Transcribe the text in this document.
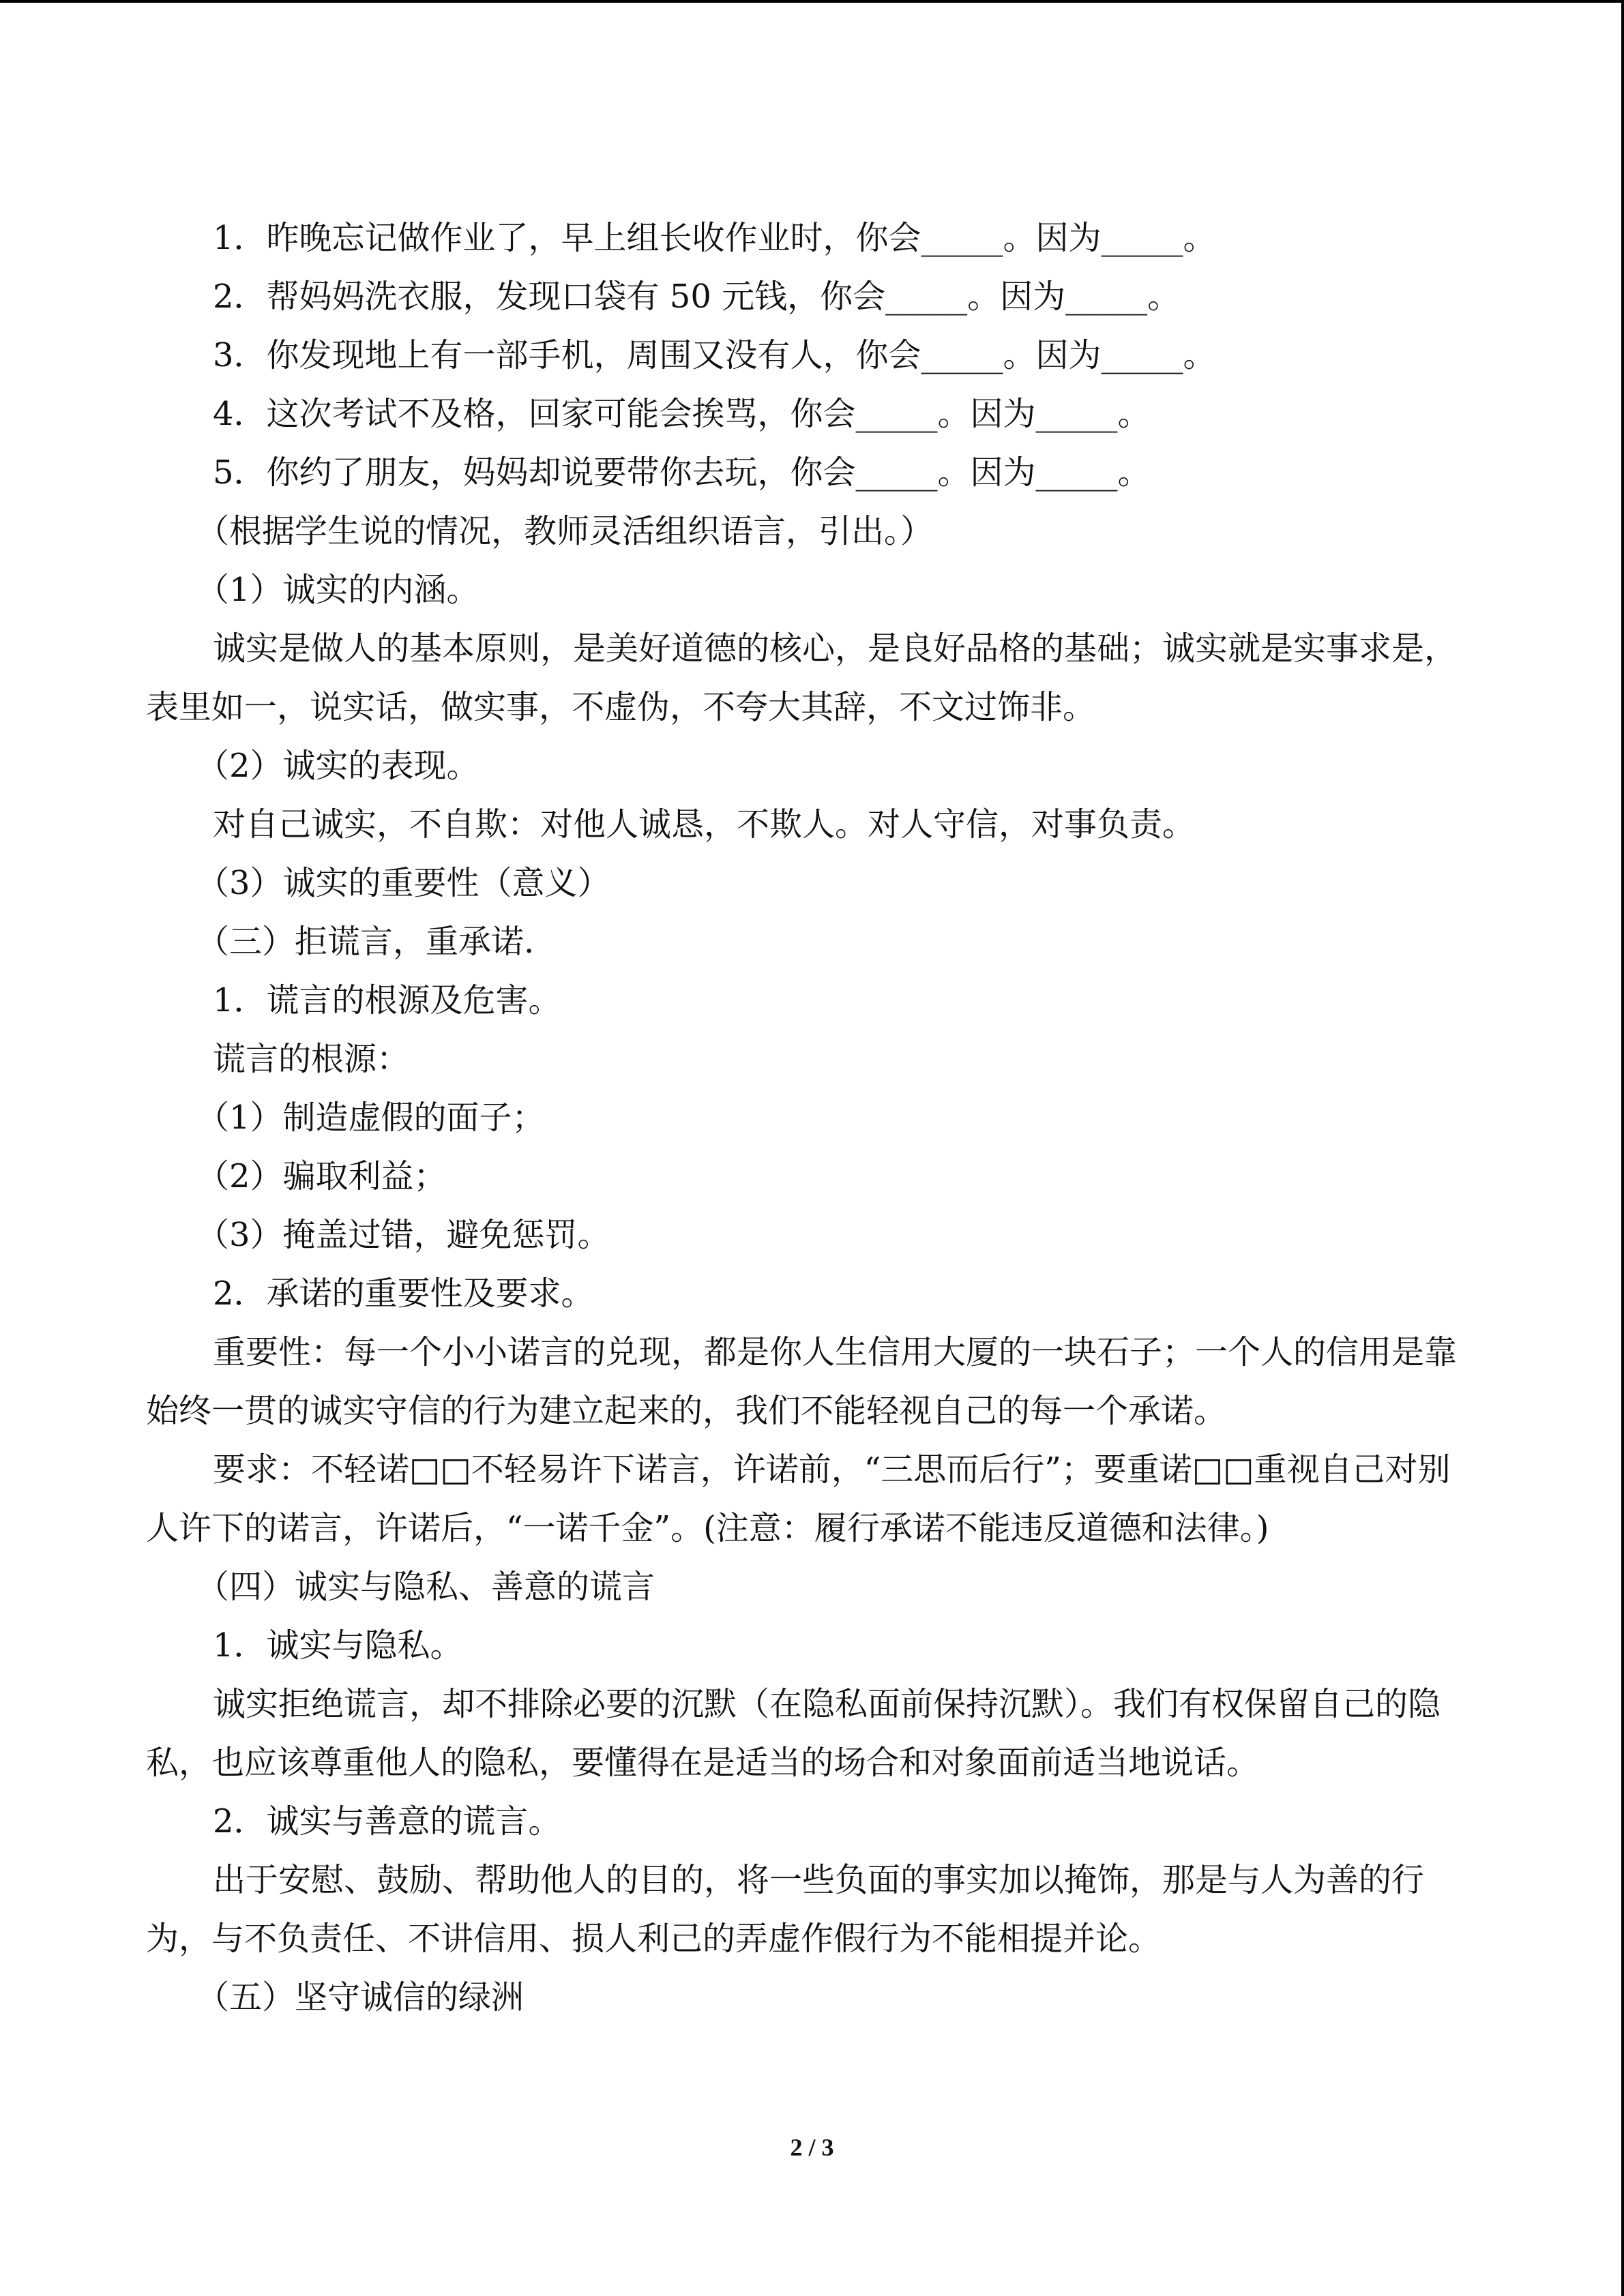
1．昨晚忘记做作业了，早上组长收作业时，你会_____。因为_____。

2．帮妈妈洗衣服，发现口袋有 50 元钱，你会_____。因为_____。

3．你发现地上有一部手机，周围又没有人，你会_____。因为_____。

4．这次考试不及格，回家可能会挨骂，你会_____。因为_____。

5．你约了朋友，妈妈却说要带你去玩，你会_____。因为_____。

（根据学生说的情况，教师灵活组织语言，引出。）

（1）诚实的内涵。

诚实是做人的基本原则，是美好道德的核心，是良好品格的基础；诚实就是实事求是，

表里如一，说实话，做实事，不虚伪，不夸大其辞，不文过饰非。

（2）诚实的表现。

对自己诚实，不自欺：对他人诚恳，不欺人。对人守信，对事负责。

（3）诚实的重要性（意义）

（三）拒谎言，重承诺.

1．谎言的根源及危害。

谎言的根源：

（1）制造虚假的面子；

（2）骗取利益；

（3）掩盖过错，避免惩罚。

2．承诺的重要性及要求。

重要性：每一个小小诺言的兑现，都是你人生信用大厦的一块石子；一个人的信用是靠

始终一贯的诚实守信的行为建立起来的，我们不能轻视自己的每一个承诺。

要求：不轻诺□□不轻易许下诺言，许诺前，“三思而后行”；要重诺□□重视自己对别

人许下的诺言，许诺后，“一诺千金”。(注意：履行承诺不能违反道德和法律。)

（四）诚实与隐私、善意的谎言

1．诚实与隐私。

诚实拒绝谎言，却不排除必要的沉默（在隐私面前保持沉默）。我们有权保留自己的隐

私，也应该尊重他人的隐私，要懂得在是适当的场合和对象面前适当地说话。

2．诚实与善意的谎言。

出于安慰、鼓励、帮助他人的目的，将一些负面的事实加以掩饰，那是与人为善的行

为，与不负责任、不讲信用、损人利己的弄虚作假行为不能相提并论。

（五）坚守诚信的绿洲

2 / 3
